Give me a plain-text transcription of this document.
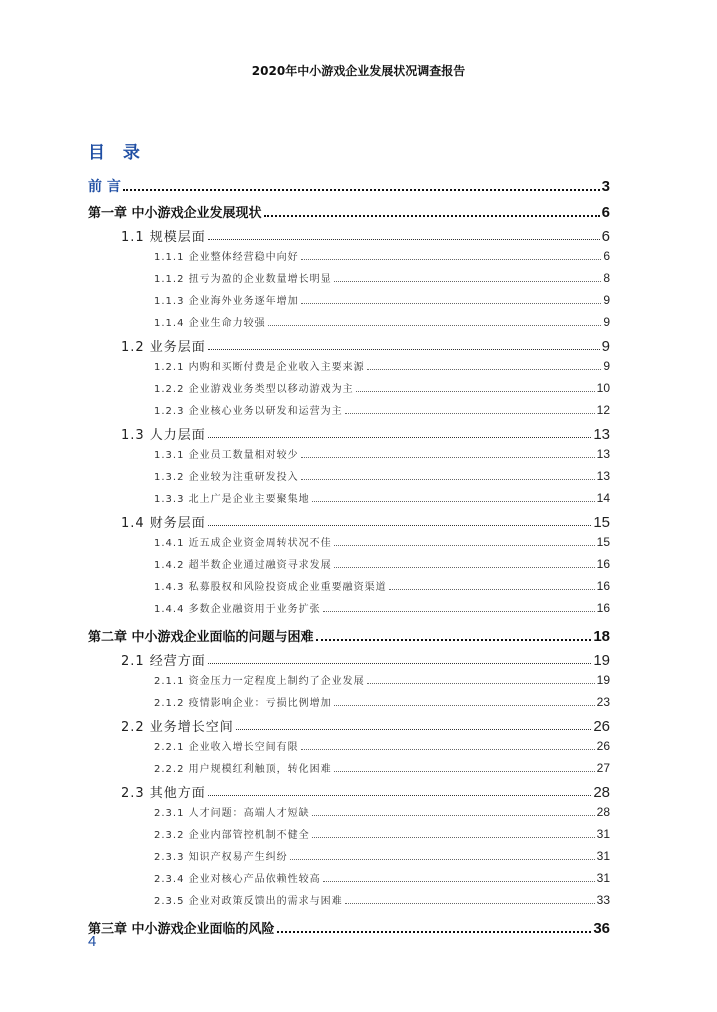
2020年中小游戏企业发展状况调查报告
目 录
前 言	3
第一章 中小游戏企业发展现状	6
1.1 规模层面	6
1.1.1 企业整体经营稳中向好	6
1.1.2 扭亏为盈的企业数量增长明显	8
1.1.3 企业海外业务逐年增加	9
1.1.4 企业生命力较强	9
1.2 业务层面	9
1.2.1 内购和买断付费是企业收入主要来源	9
1.2.2 企业游戏业务类型以移动游戏为主	10
1.2.3 企业核心业务以研发和运营为主	12
1.3 人力层面	13
1.3.1 企业员工数量相对较少	13
1.3.2 企业较为注重研发投入	13
1.3.3 北上广是企业主要聚集地	14
1.4 财务层面	15
1.4.1 近五成企业资金周转状况不佳	15
1.4.2 超半数企业通过融资寻求发展	16
1.4.3 私募股权和风险投资成企业重要融资渠道	16
1.4.4 多数企业融资用于业务扩张	16
第二章 中小游戏企业面临的问题与困难	18
2.1 经营方面	19
2.1.1 资金压力一定程度上制约了企业发展	19
2.1.2 疫情影响企业：亏损比例增加	23
2.2 业务增长空间	26
2.2.1 企业收入增长空间有限	26
2.2.2 用户规模红利触顶，转化困难	27
2.3 其他方面	28
2.3.1 人才问题：高端人才短缺	28
2.3.2 企业内部管控机制不健全	31
2.3.3 知识产权易产生纠纷	31
2.3.4 企业对核心产品依赖性较高	31
2.3.5 企业对政策反馈出的需求与困难	33
第三章 中小游戏企业面临的风险	36
4
